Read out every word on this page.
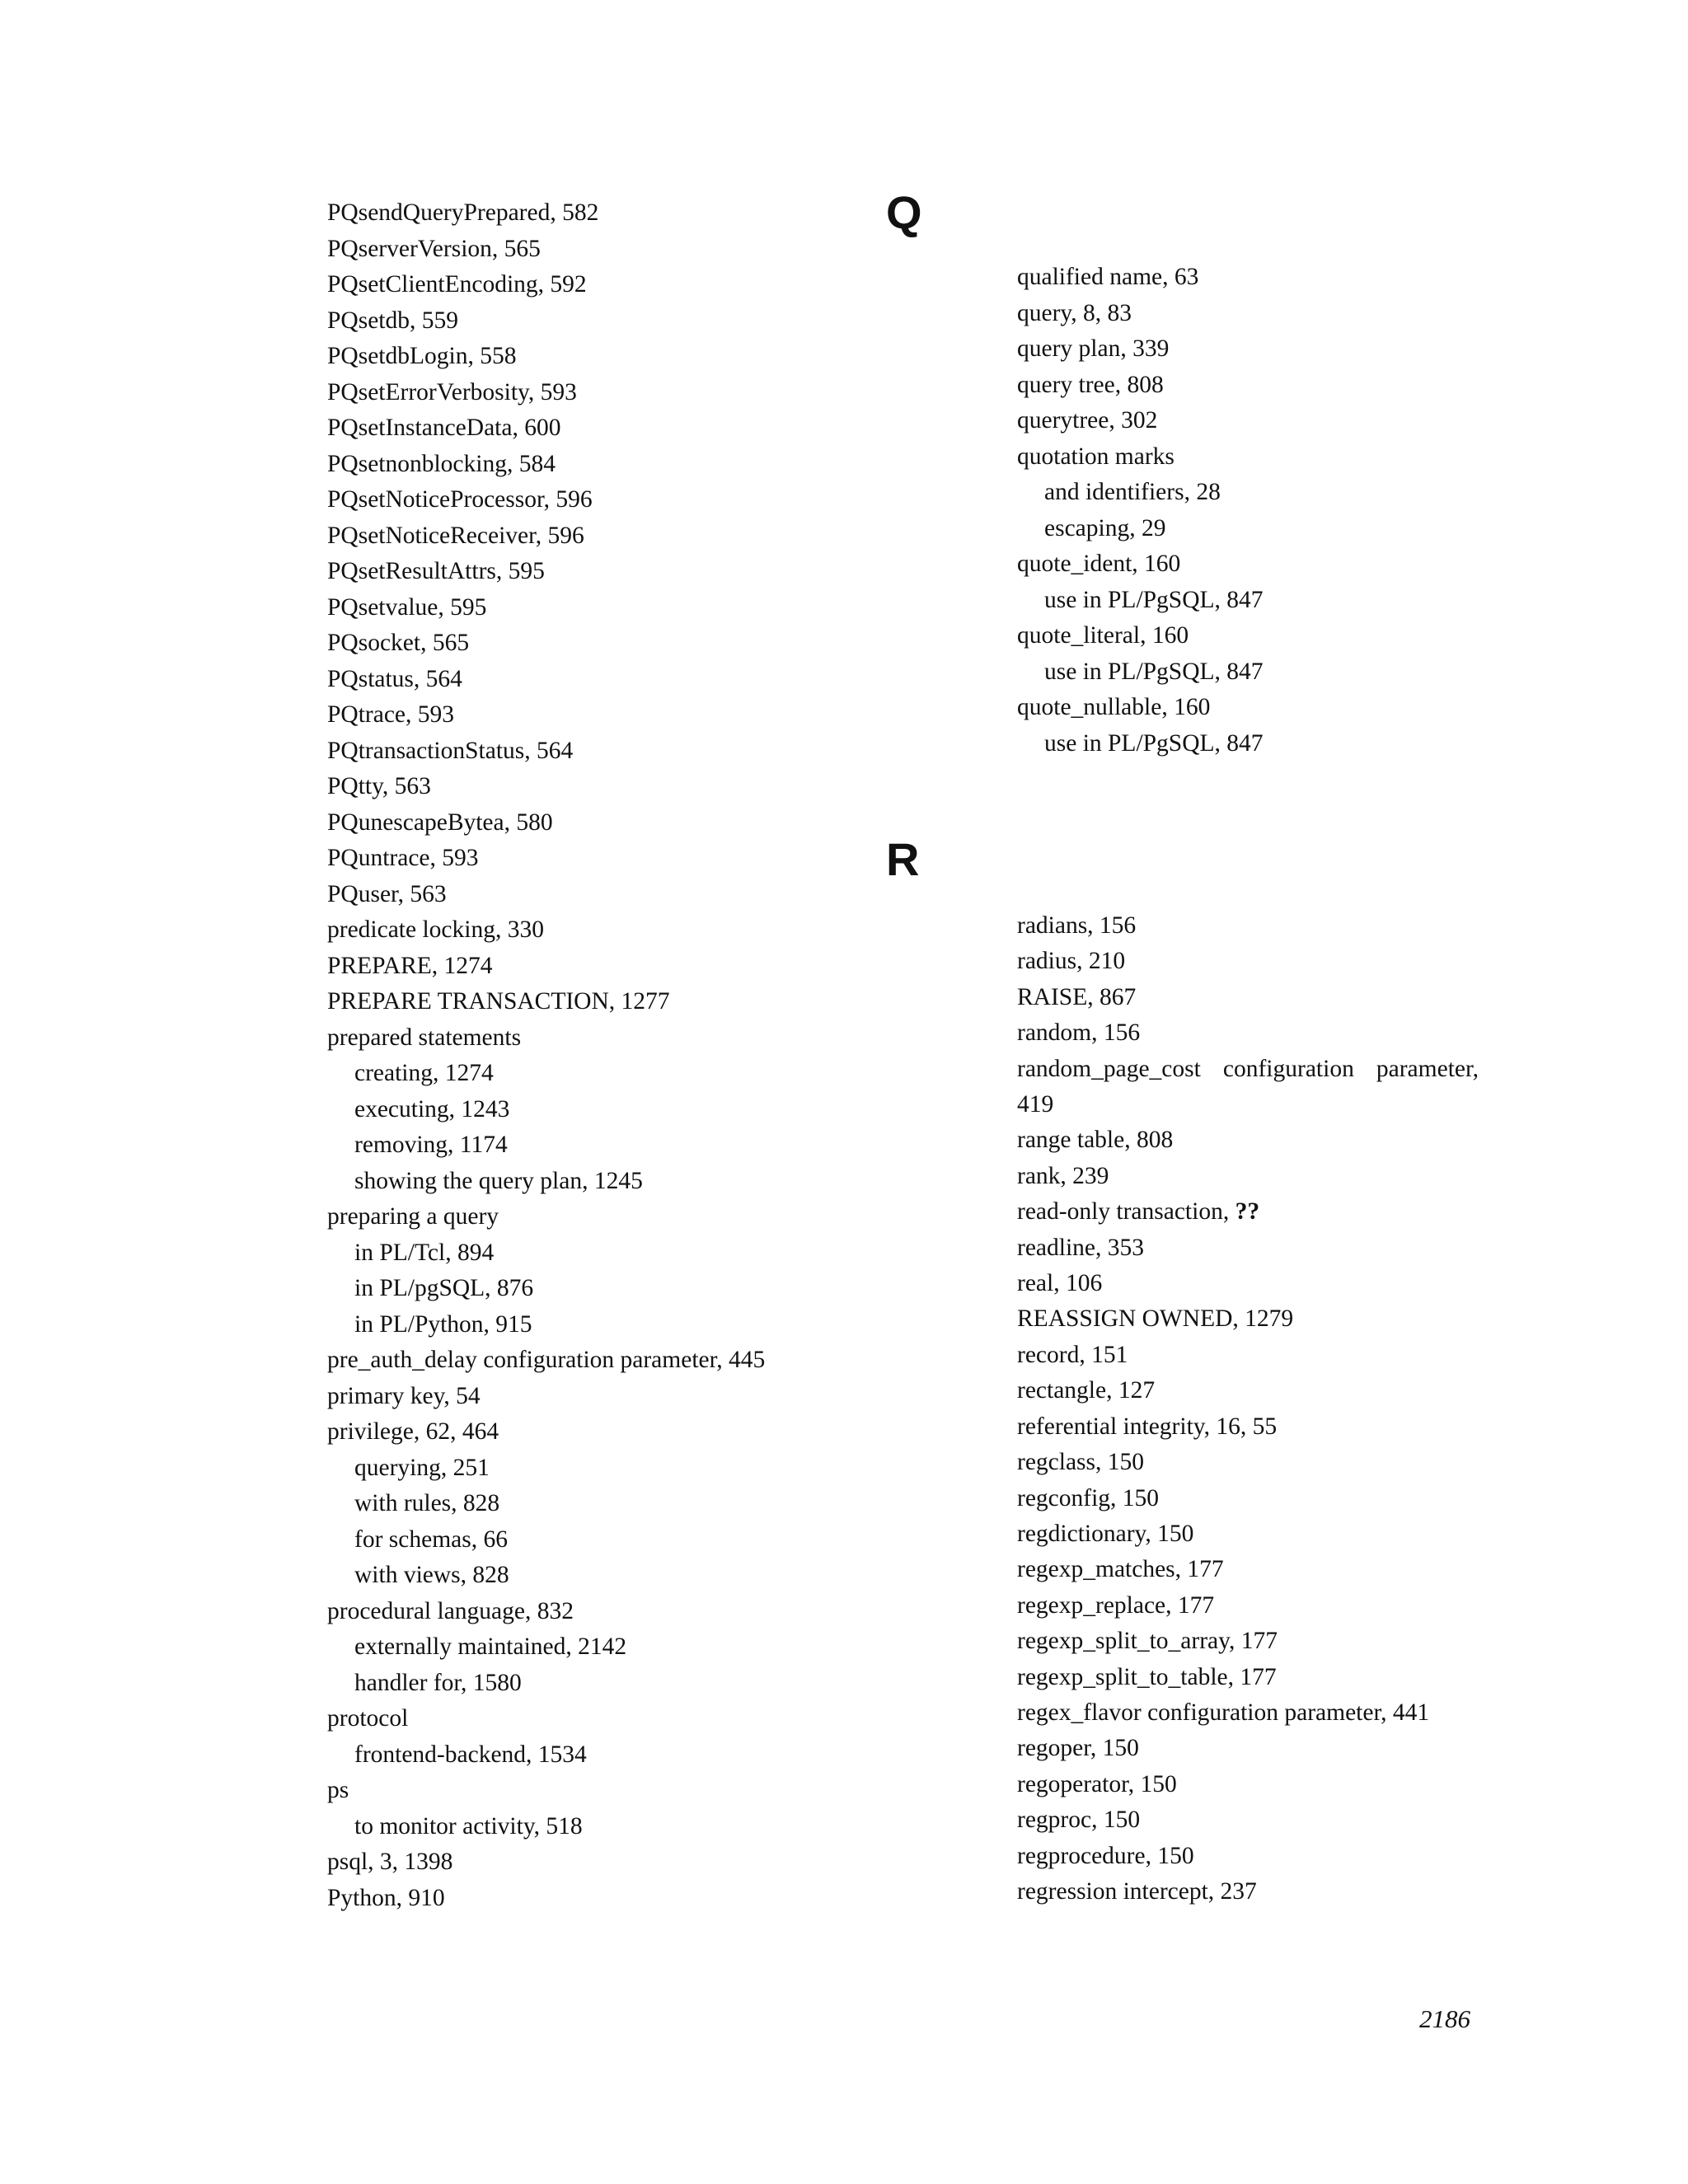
PQsendQueryPrepared, 582
PQserverVersion, 565
PQsetClientEncoding, 592
PQsetdb, 559
PQsetdbLogin, 558
PQsetErrorVerbosity, 593
PQsetInstanceData, 600
PQsetnonblocking, 584
PQsetNoticeProcessor, 596
PQsetNoticeReceiver, 596
PQsetResultAttrs, 595
PQsetvalue, 595
PQsocket, 565
PQstatus, 564
PQtrace, 593
PQtransactionStatus, 564
PQtty, 563
PQunescapeBytea, 580
PQuntrace, 593
PQuser, 563
predicate locking, 330
PREPARE, 1274
PREPARE TRANSACTION, 1277
prepared statements
creating, 1274
executing, 1243
removing, 1174
showing the query plan, 1245
preparing a query
in PL/Tcl, 894
in PL/pgSQL, 876
in PL/Python, 915
pre_auth_delay configuration parameter, 445
primary key, 54
privilege, 62, 464
querying, 251
with rules, 828
for schemas, 66
with views, 828
procedural language, 832
externally maintained, 2142
handler for, 1580
protocol
frontend-backend, 1534
ps
to monitor activity, 518
psql, 3, 1398
Python, 910
Q
qualified name, 63
query, 8, 83
query plan, 339
query tree, 808
querytree, 302
quotation marks
and identifiers, 28
escaping, 29
quote_ident, 160
use in PL/PgSQL, 847
quote_literal, 160
use in PL/PgSQL, 847
quote_nullable, 160
use in PL/PgSQL, 847
R
radians, 156
radius, 210
RAISE, 867
random, 156
random_page_cost configuration parameter,
419
range table, 808
rank, 239
read-only transaction, ??
readline, 353
real, 106
REASSIGN OWNED, 1279
record, 151
rectangle, 127
referential integrity, 16, 55
regclass, 150
regconfig, 150
regdictionary, 150
regexp_matches, 177
regexp_replace, 177
regexp_split_to_array, 177
regexp_split_to_table, 177
regex_flavor configuration parameter, 441
regoper, 150
regoperator, 150
regproc, 150
regprocedure, 150
regression intercept, 237
2186
